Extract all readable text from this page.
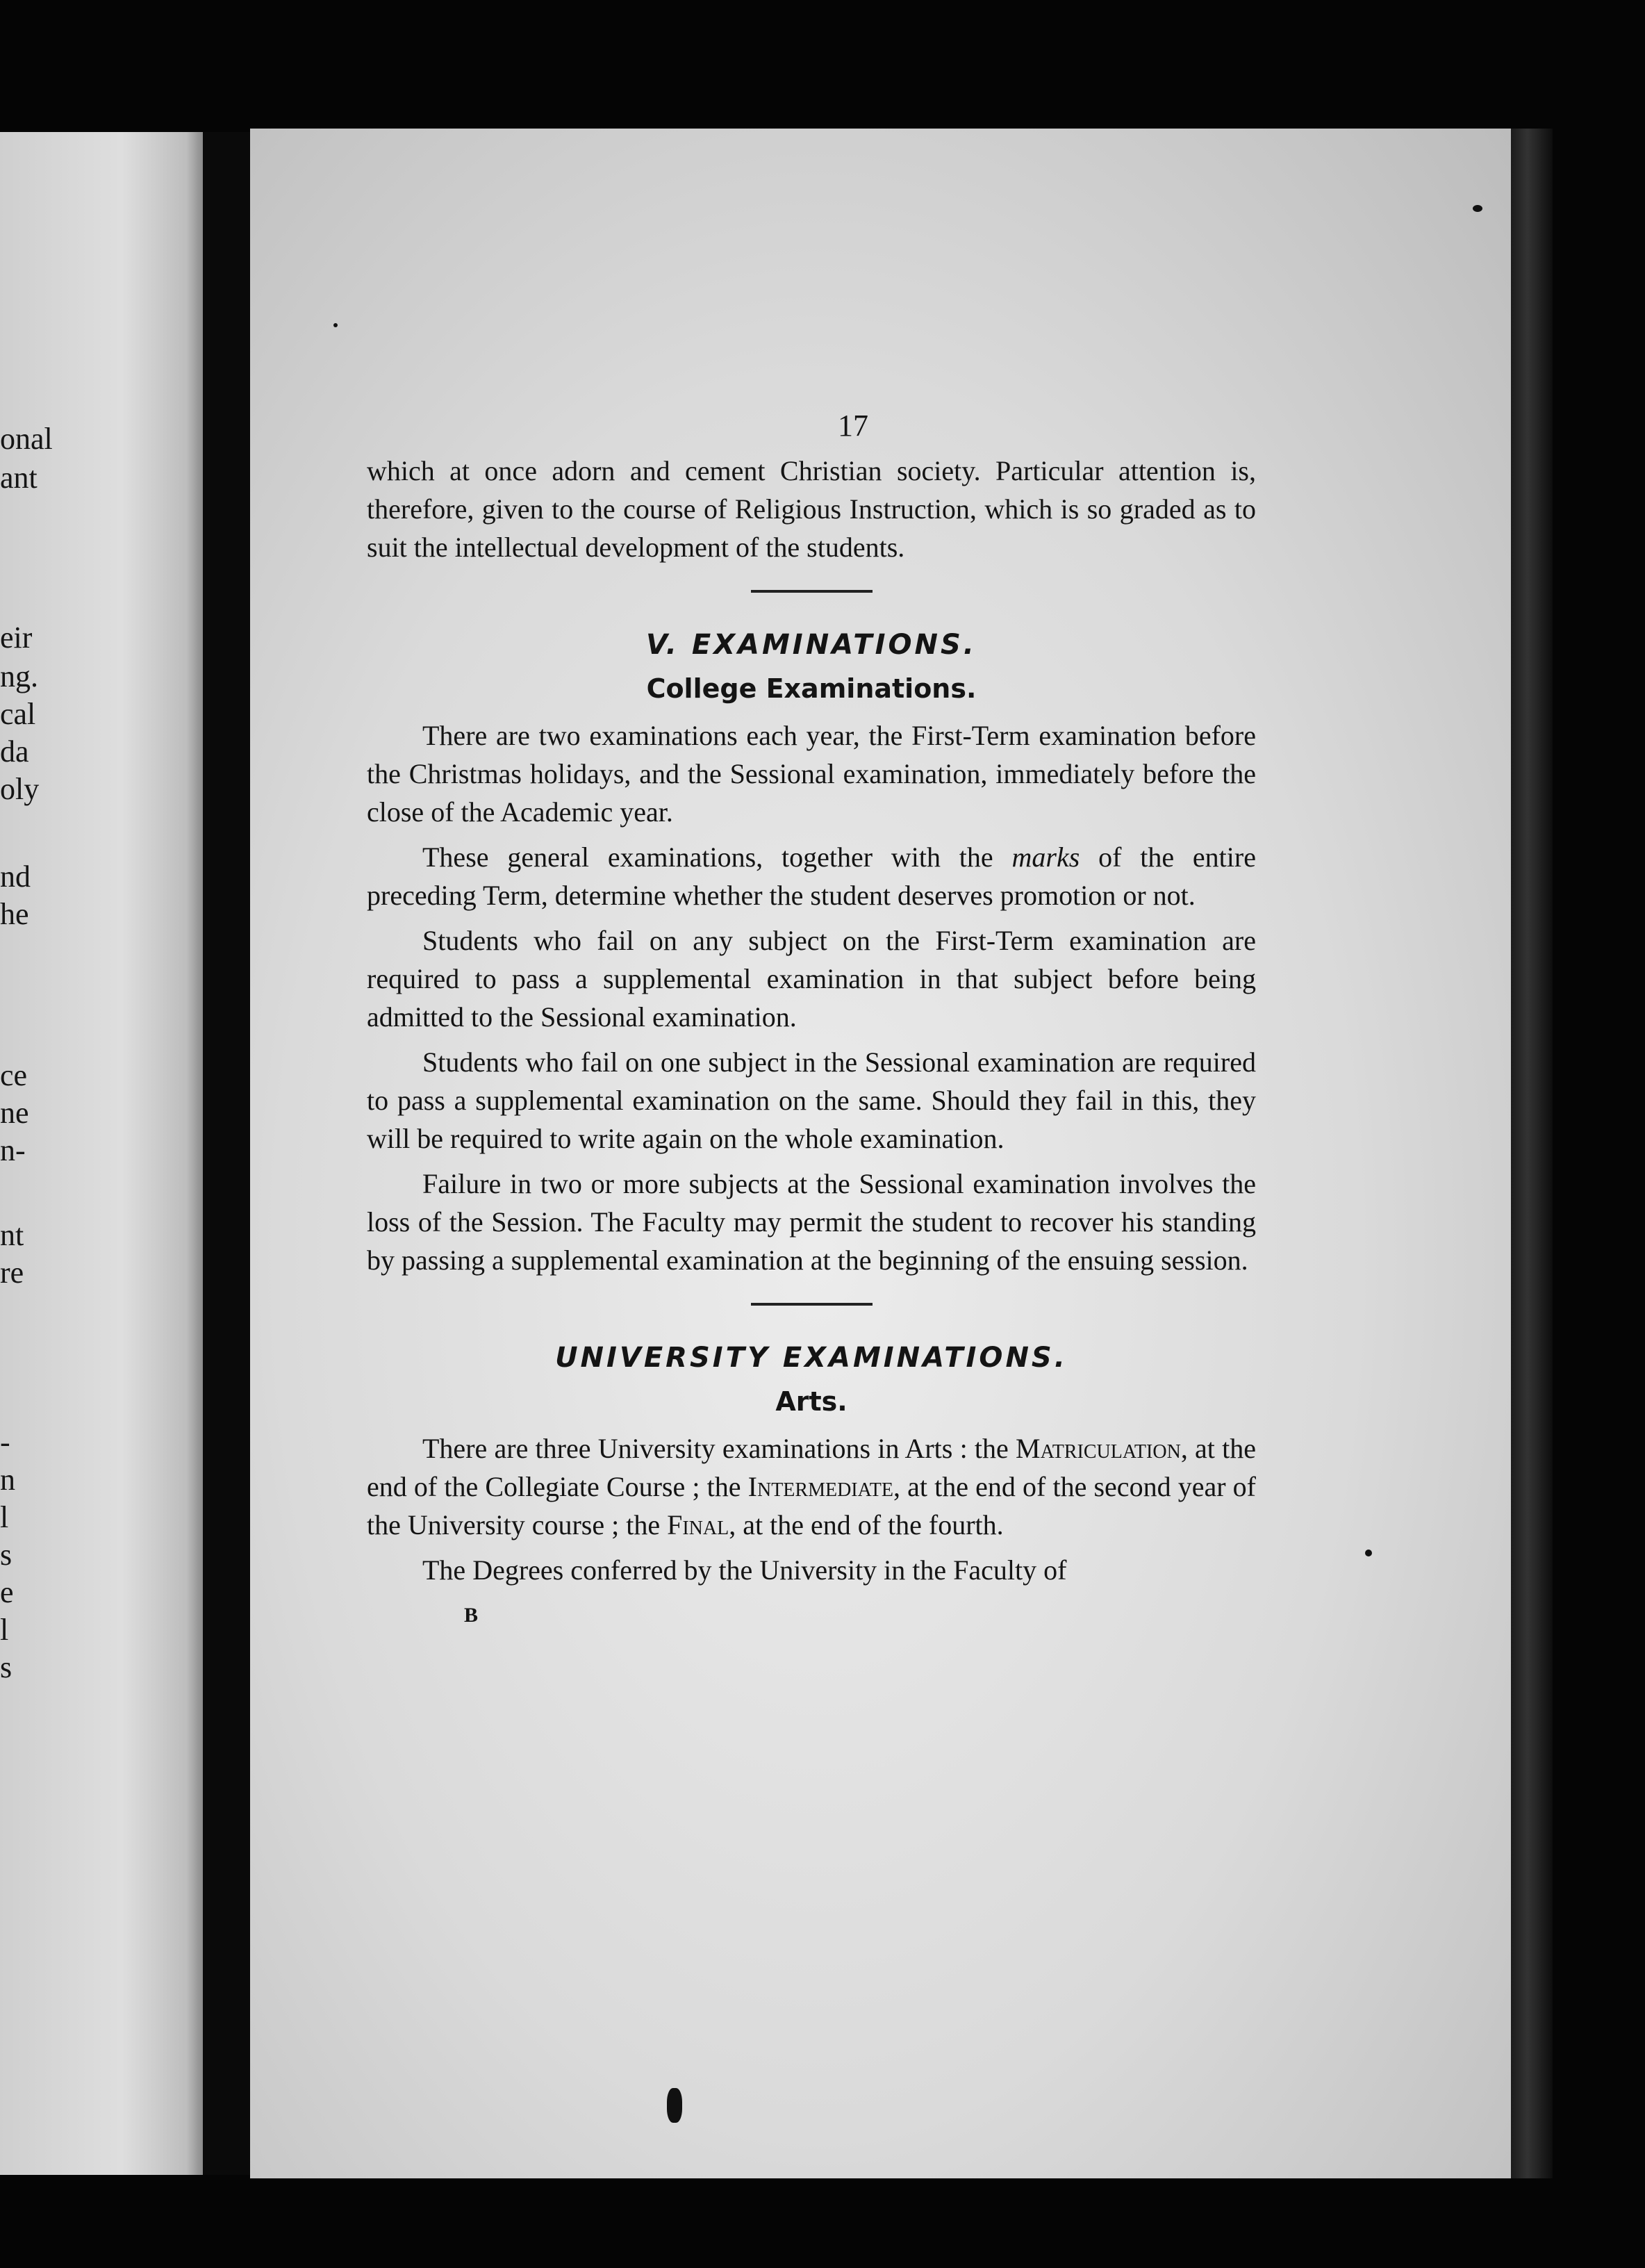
onal
ant
eir
ng.
cal
da
oly
nd
he
ce
ne
n-
nt
re
-
n
l
s
e
l
s
17

which at once adorn and cement Christian society. Particular attention is, therefore, given to the course of Religious Instruction, which is so graded as to suit the intellectual development of the students.

V. EXAMINATIONS.
College Examinations.

There are two examinations each year, the First-Term examination before the Christmas holidays, and the Sessional examination, immediately before the close of the Academic year.

These general examinations, together with the marks of the entire preceding Term, determine whether the student deserves promotion or not.

Students who fail on any subject on the First-Term examination are required to pass a supplemental examination in that subject before being admitted to the Sessional examination.

Students who fail on one subject in the Sessional examination are required to pass a supplemental examination on the same. Should they fail in this, they will be required to write again on the whole examination.

Failure in two or more subjects at the Sessional examination involves the loss of the Session. The Faculty may permit the student to recover his standing by passing a supplemental examination at the beginning of the ensuing session.

UNIVERSITY EXAMINATIONS.
Arts.

There are three University examinations in Arts : the Matriculation, at the end of the Collegiate Course ; the Intermediate, at the end of the second year of the University course ; the Final, at the end of the fourth.

The Degrees conferred by the University in the Faculty of

B
